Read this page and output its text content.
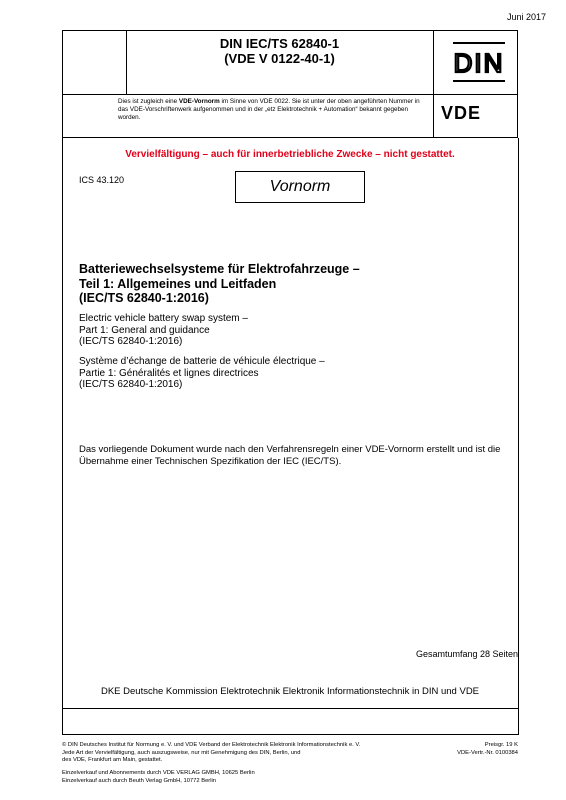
Juni 2017
DIN IEC/TS 62840-1
(VDE V 0122-40-1)	DIN
Dies ist zugleich eine VDE-Vornorm im Sinne von VDE 0022. Sie ist unter der oben angeführten Nummer in das VDE-Vorschriftenwerk aufgenommen und in der „etz Elektrotechnik + Automation“ bekannt gegeben worden.	VDE
Vervielfältigung – auch für innerbetriebliche Zwecke – nicht gestattet.
ICS 43.120	Vornorm
Batteriewechselsysteme für Elektrofahrzeuge –
Teil 1: Allgemeines und Leitfaden
(IEC/TS 62840-1:2016)
Electric vehicle battery swap system –
Part 1: General and guidance
(IEC/TS 62840-1:2016)
Système d’échange de batterie de véhicule électrique –
Partie 1: Généralités et lignes directrices
(IEC/TS 62840-1:2016)
Das vorliegende Dokument wurde nach den Verfahrensregeln einer VDE-Vornorm erstellt und ist die
Übernahme einer Technischen Spezifikation der IEC (IEC/TS).
Gesamtumfang 28 Seiten
DKE Deutsche Kommission Elektrotechnik Elektronik Informationstechnik in DIN und VDE
© DIN Deutsches Institut für Normung e. V. und VDE Verband der Elektrotechnik Elektronik Informationstechnik e. V.
Jede Art der Vervielfältigung, auch auszugsweise, nur mit Genehmigung des DIN, Berlin, und
des VDE, Frankfurt am Main, gestattet.
Preisgr. 19 K
VDE-Vertr.-Nr. 0100384
Einzelverkauf und Abonnements durch VDE VERLAG GMBH, 10625 Berlin
Einzelverkauf auch durch Beuth Verlag GmbH, 10772 Berlin
